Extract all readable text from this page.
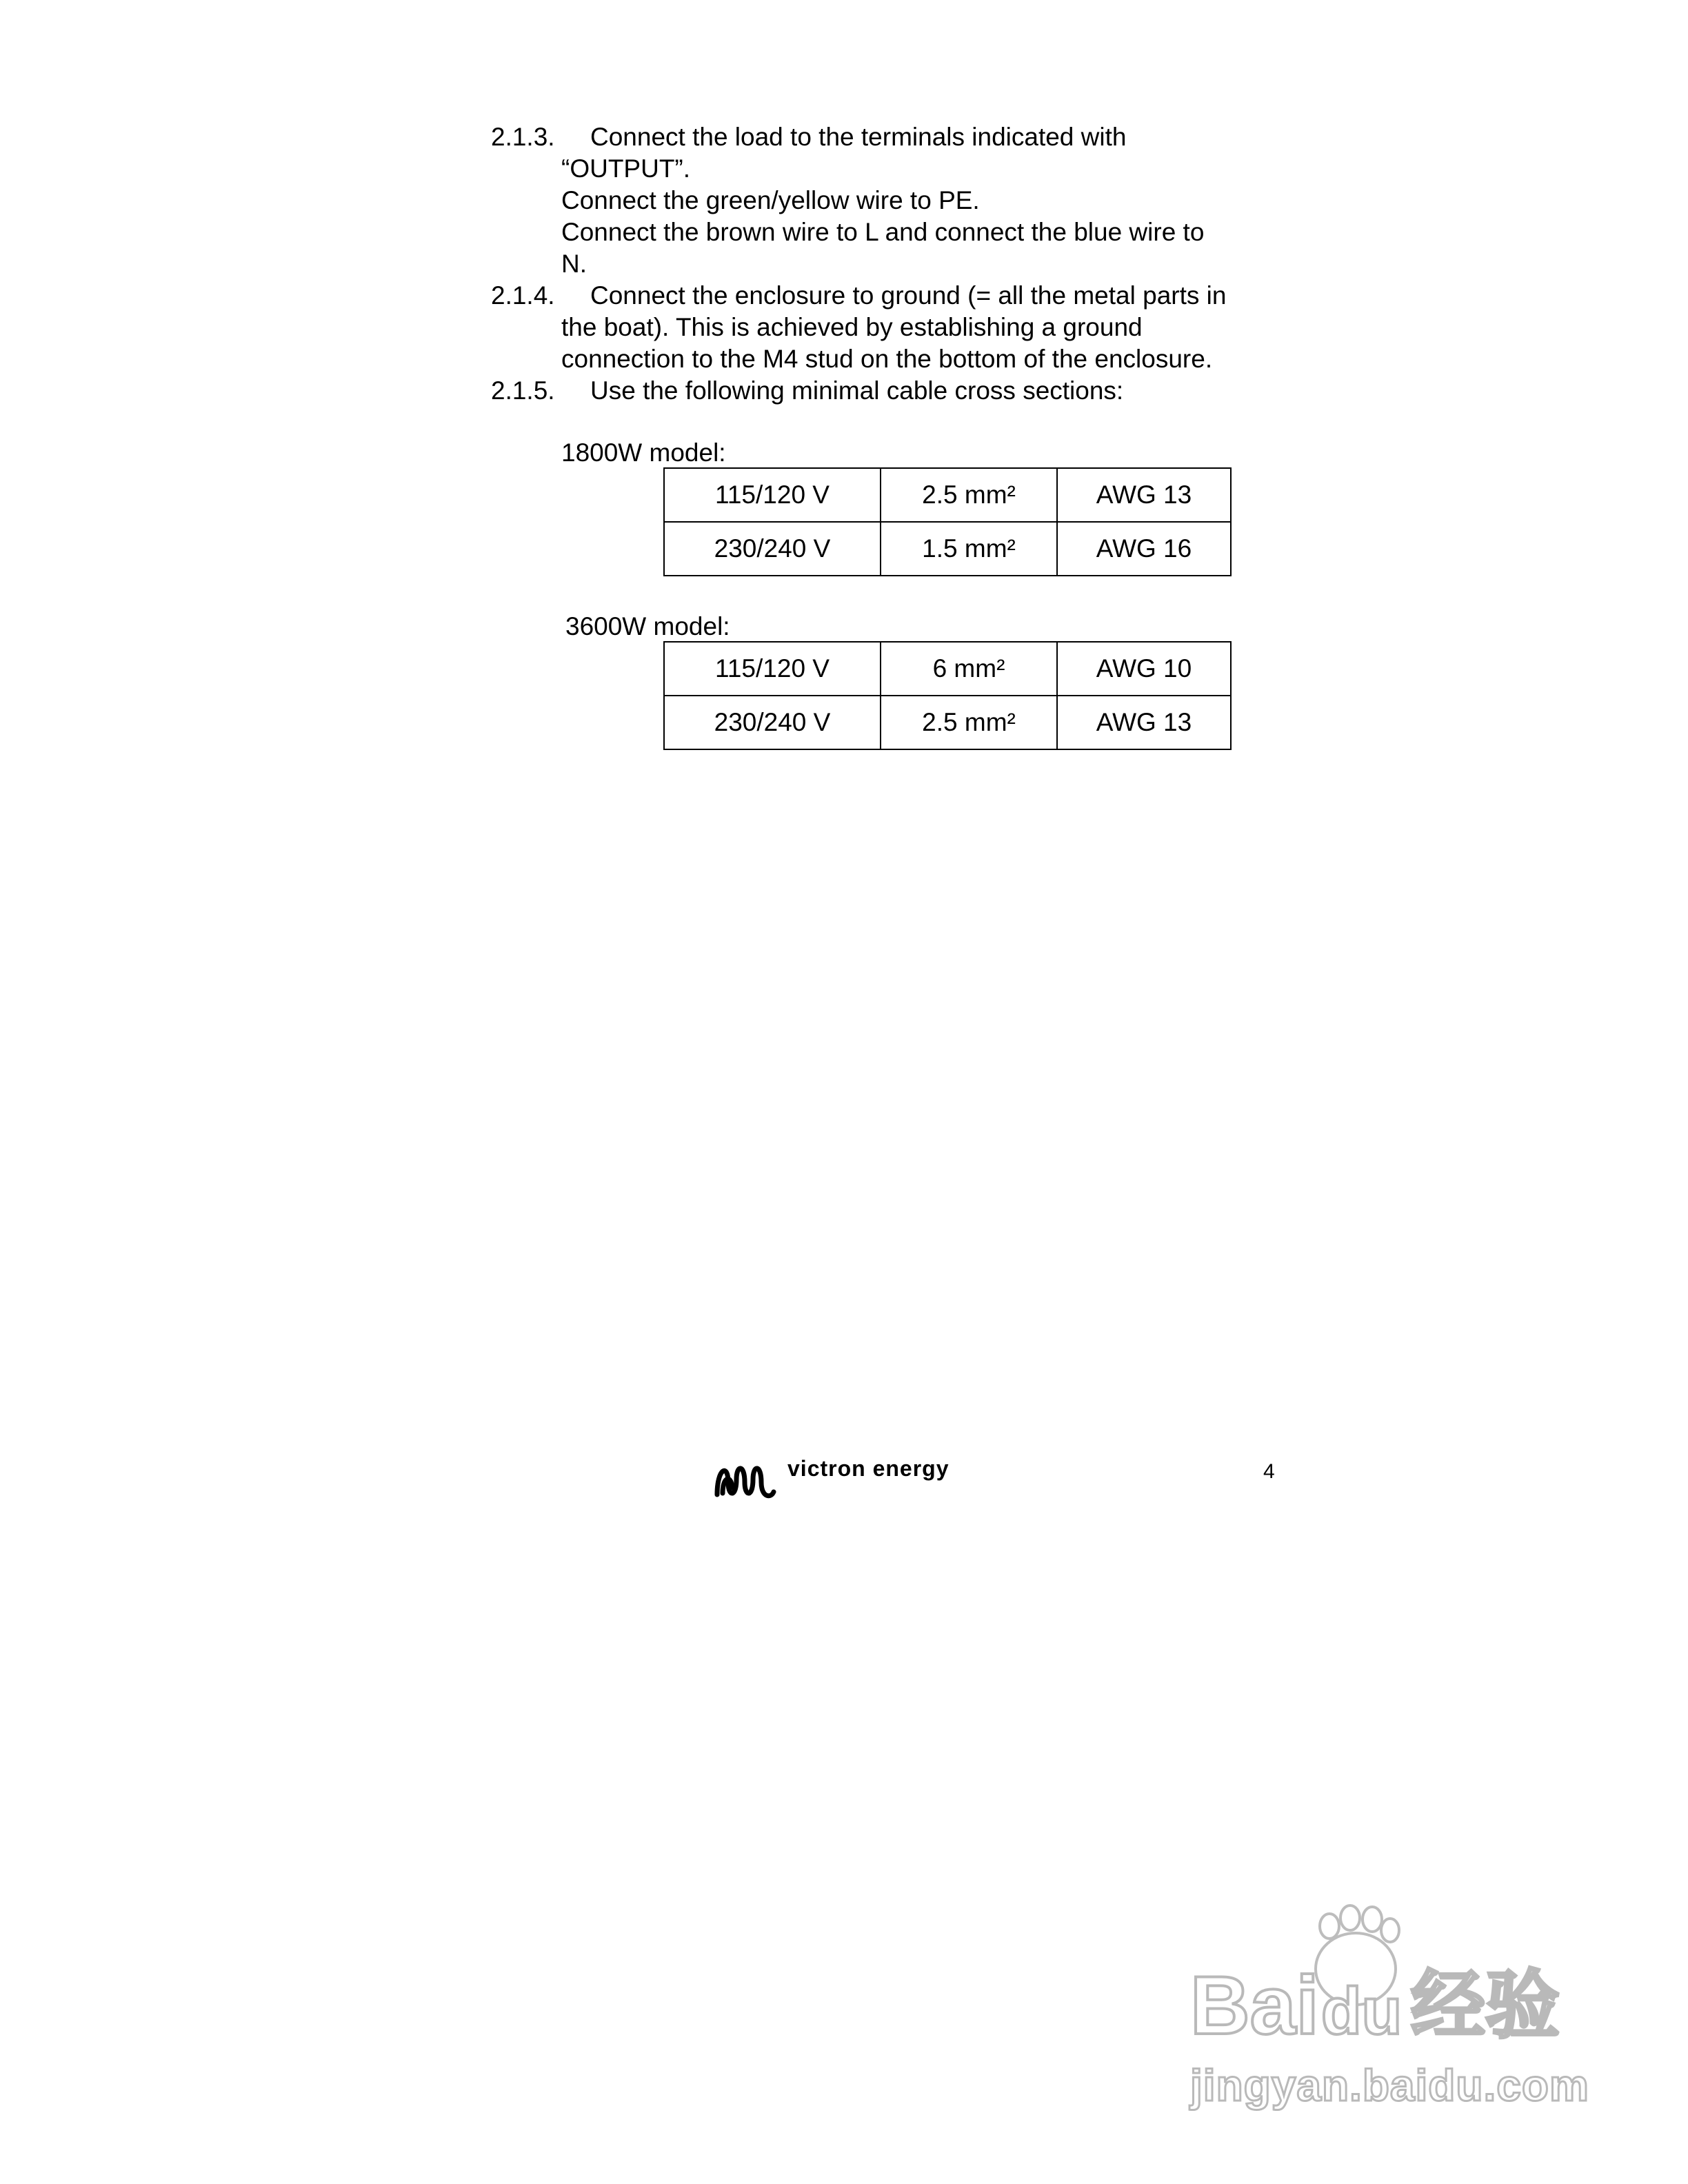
2.1.3.	Connect the load to the terminals indicated with
“OUTPUT”.
Connect the green/yellow wire to PE.
Connect the brown wire to L and connect the blue wire to
N.
2.1.4.	Connect the enclosure to ground (= all the metal parts in
the boat). This is achieved by establishing a ground
connection to the M4 stud on the bottom of the enclosure.
2.1.5.	Use the following minimal cable cross sections:
1800W model:
115/120 V	2.5 mm²	AWG 13
230/240 V	1.5 mm²	AWG 16
3600W model:
115/120 V	6 mm²	AWG 10
230/240 V	2.5 mm²	AWG 13
victron energy	4
Bai du 经验
jingyan.baidu.com
